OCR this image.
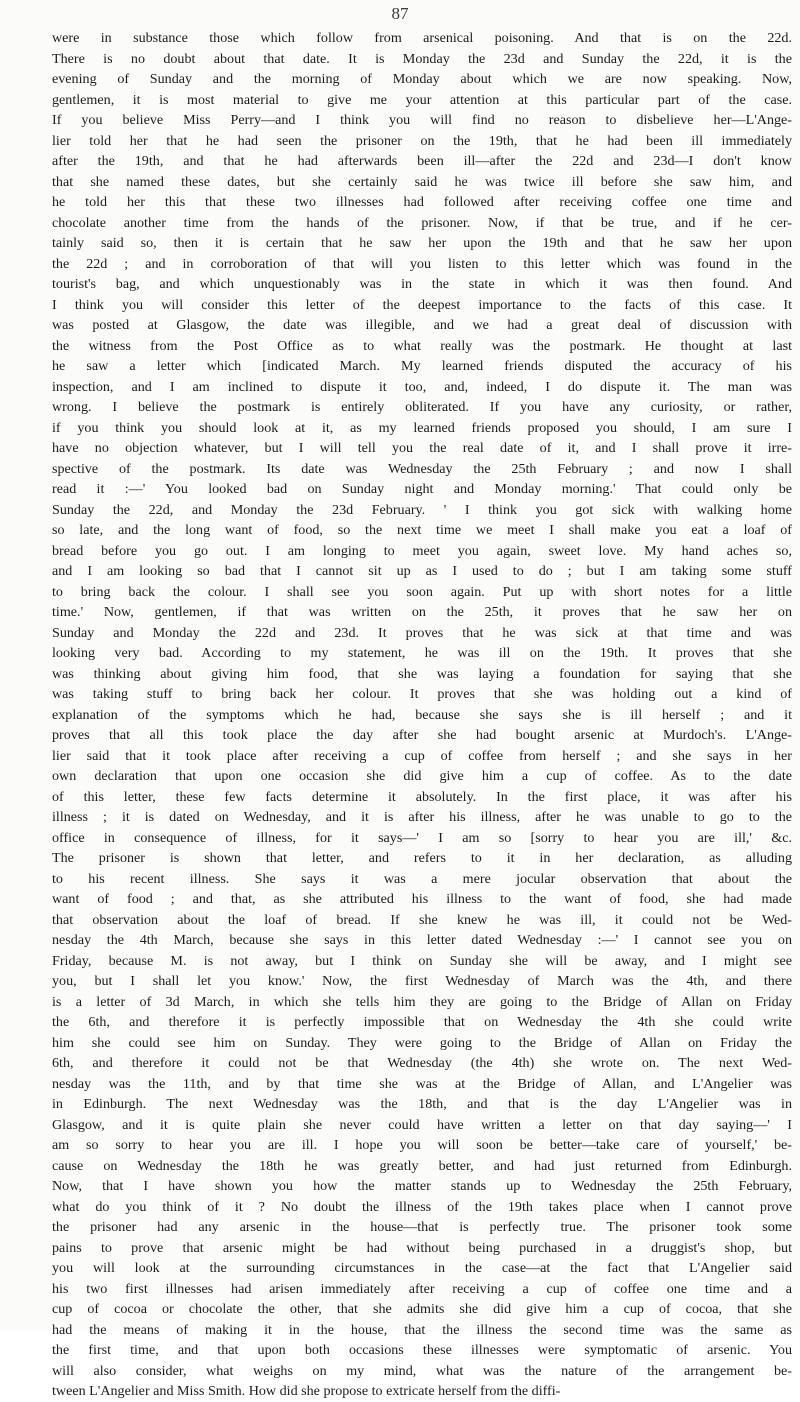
87
were in substance those which follow from arsenical poisoning. And that is on the 22d.
There is no doubt about that date. It is Monday the 23d and Sunday the 22d, it is the
evening of Sunday and the morning of Monday about which we are now speaking. Now,
gentlemen, it is most material to give me your attention at this particular part of the case.
If you believe Miss Perry—and I think you will find no reason to disbelieve her—L'Ange-
lier told her that he had seen the prisoner on the 19th, that he had been ill immediately
after the 19th, and that he had afterwards been ill—after the 22d and 23d—I don't know
that she named these dates, but she certainly said he was twice ill before she saw him, and
he told her this that these two illnesses had followed after receiving coffee one time and
chocolate another time from the hands of the prisoner. Now, if that be true, and if he cer-
tainly said so, then it is certain that he saw her upon the 19th and that he saw her upon
the 22d ; and in corroboration of that will you listen to this letter which was found in the
tourist's bag, and which unquestionably was in the state in which it was then found. And
I think you will consider this letter of the deepest importance to the facts of this case. It
was posted at Glasgow, the date was illegible, and we had a great deal of discussion with
the witness from the Post Office as to what really was the postmark. He thought at last
he saw a letter which [indicated March. My learned friends disputed the accuracy of his
inspection, and I am inclined to dispute it too, and, indeed, I do dispute it. The man was
wrong. I believe the postmark is entirely obliterated. If you have any curiosity, or rather,
if you think you should look at it, as my learned friends proposed you should, I am sure I
have no objection whatever, but I will tell you the real date of it, and I shall prove it irre-
spective of the postmark. Its date was Wednesday the 25th February ; and now I shall
read it :—' You looked bad on Sunday night and Monday morning.' That could only be
Sunday the 22d, and Monday the 23d February. ' I think you got sick with walking home
so late, and the long want of food, so the next time we meet I shall make you eat a loaf of
bread before you go out. I am longing to meet you again, sweet love. My hand aches so,
and I am looking so bad that I cannot sit up as I used to do ; but I am taking some stuff
to bring back the colour. I shall see you soon again. Put up with short notes for a little
time.' Now, gentlemen, if that was written on the 25th, it proves that he saw her on
Sunday and Monday the 22d and 23d. It proves that he was sick at that time and was
looking very bad. According to my statement, he was ill on the 19th. It proves that she
was thinking about giving him food, that she was laying a foundation for saying that she
was taking stuff to bring back her colour. It proves that she was holding out a kind of
explanation of the symptoms which he had, because she says she is ill herself ; and it
proves that all this took place the day after she had bought arsenic at Murdoch's. L'Ange-
lier said that it took place after receiving a cup of coffee from herself ; and she says in her
own declaration that upon one occasion she did give him a cup of coffee. As to the date
of this letter, these few facts determine it absolutely. In the first place, it was after his
illness ; it is dated on Wednesday, and it is after his illness, after he was unable to go to the
office in consequence of illness, for it says—' I am so [sorry to hear you are ill,' &c.
The prisoner is shown that letter, and refers to it in her declaration, as alluding
to his recent illness. She says it was a mere jocular observation that about the
want of food ; and that, as she attributed his illness to the want of food, she had made
that observation about the loaf of bread. If she knew he was ill, it could not be Wed-
nesday the 4th March, because she says in this letter dated Wednesday :—' I cannot see you on
Friday, because M. is not away, but I think on Sunday she will be away, and I might see
you, but I shall let you know.' Now, the first Wednesday of March was the 4th, and there
is a letter of 3d March, in which she tells him they are going to the Bridge of Allan on Friday
the 6th, and therefore it is perfectly impossible that on Wednesday the 4th she could write
him she could see him on Sunday. They were going to the Bridge of Allan on Friday the
6th, and therefore it could not be that Wednesday (the 4th) she wrote on. The next Wed-
nesday was the 11th, and by that time she was at the Bridge of Allan, and L'Angelier was
in Edinburgh. The next Wednesday was the 18th, and that is the day L'Angelier was in
Glasgow, and it is quite plain she never could have written a letter on that day saying—' I
am so sorry to hear you are ill. I hope you will soon be better—take care of yourself,' be-
cause on Wednesday the 18th he was greatly better, and had just returned from Edinburgh.
Now, that I have shown you how the matter stands up to Wednesday the 25th February,
what do you think of it ? No doubt the illness of the 19th takes place when I cannot prove
the prisoner had any arsenic in the house—that is perfectly true. The prisoner took some
pains to prove that arsenic might be had without being purchased in a druggist's shop, but
you will look at the surrounding circumstances in the case—at the fact that L'Angelier said
his two first illnesses had arisen immediately after receiving a cup of coffee one time and a
cup of cocoa or chocolate the other, that she admits she did give him a cup of cocoa, that she
had the means of making it in the house, that the illness the second time was the same as
the first time, and that upon both occasions these illnesses were symptomatic of arsenic. You
will also consider, what weighs on my mind, what was the nature of the arrangement be-
tween L'Angelier and Miss Smith. How did she propose to extricate herself from the diffi-
